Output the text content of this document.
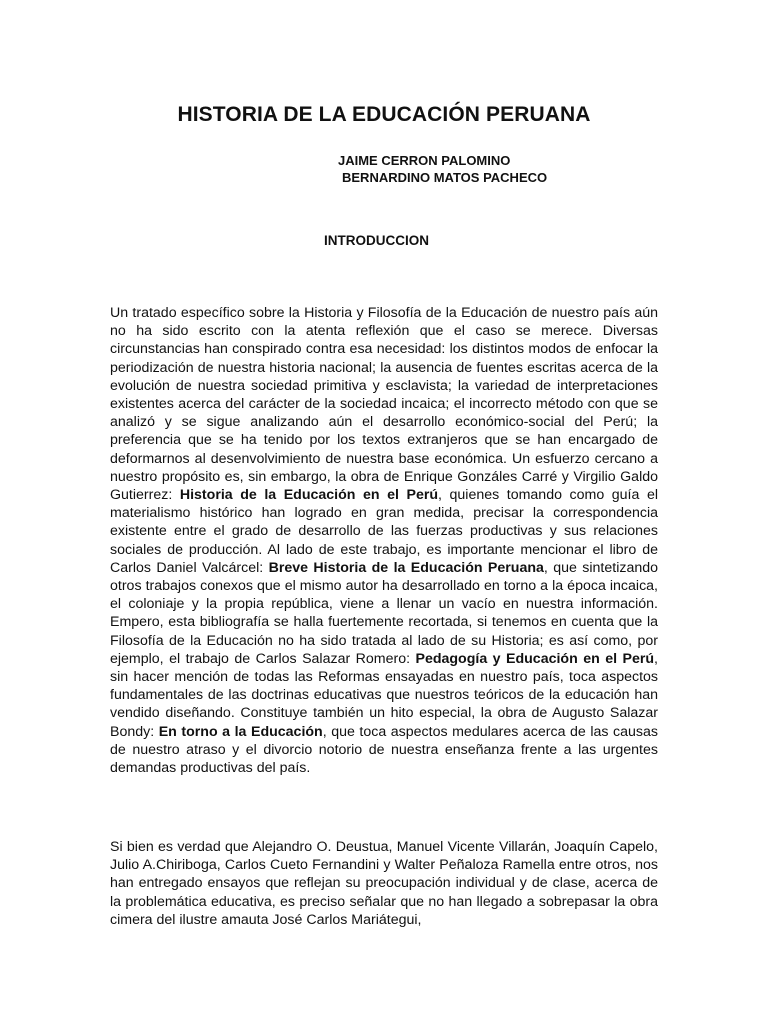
HISTORIA DE LA EDUCACIÓN PERUANA
JAIME CERRON PALOMINO
BERNARDINO MATOS PACHECO
INTRODUCCION

Un tratado específico sobre la Historia y Filosofía de la Educación de nuestro país aún no ha sido escrito con la atenta reflexión que el caso se merece. Diversas circunstancias han conspirado contra esa necesidad: los distintos modos de enfocar la periodización de nuestra historia nacional; la ausencia de fuentes escritas acerca de la evolución de nuestra sociedad primitiva y esclavista; la variedad de interpretaciones existentes acerca del carácter de la sociedad incaica; el incorrecto método con que se analizó y se sigue analizando aún el desarrollo económico-social del Perú; la preferencia que se ha tenido por los textos extranjeros que se han encargado de deformarnos al desenvolvimiento de nuestra base económica. Un esfuerzo cercano a nuestro propósito es, sin embargo, la obra de Enrique Gonzáles Carré y Virgilio Galdo Gutierrez: Historia de la Educación en el Perú, quienes tomando como guía el materialismo histórico han logrado en gran medida, precisar la correspondencia existente entre el grado de desarrollo de las fuerzas productivas y sus relaciones sociales de producción. Al lado de este trabajo, es importante mencionar el libro de Carlos Daniel Valcárcel: Breve Historia de la Educación Peruana, que sintetizando otros trabajos conexos que el mismo autor ha desarrollado en torno a la época incaica, el coloniaje y la propia república, viene a llenar un vacío en nuestra información. Empero, esta bibliografía se halla fuertemente recortada, si tenemos en cuenta que la Filosofía de la Educación no ha sido tratada al lado de su Historia; es así como, por ejemplo, el trabajo de Carlos Salazar Romero: Pedagogía y Educación en el Perú, sin hacer mención de todas las Reformas ensayadas en nuestro país, toca aspectos fundamentales de las doctrinas educativas que nuestros teóricos de la educación han vendido diseñando. Constituye también un hito especial, la obra de Augusto Salazar Bondy: En torno a la Educación, que toca aspectos medulares acerca de las causas de nuestro atraso y el divorcio notorio de nuestra enseñanza frente a las urgentes demandas productivas del país.

Si bien es verdad que Alejandro O. Deustua, Manuel Vicente Villarán, Joaquín Capelo, Julio A.Chiriboga, Carlos Cueto Fernandini y Walter Peñaloza Ramella entre otros, nos han entregado ensayos que reflejan su preocupación individual y de clase, acerca de la problemática educativa, es preciso señalar que no han llegado a sobrepasar la obra cimera del ilustre amauta José Carlos Mariátegui,
